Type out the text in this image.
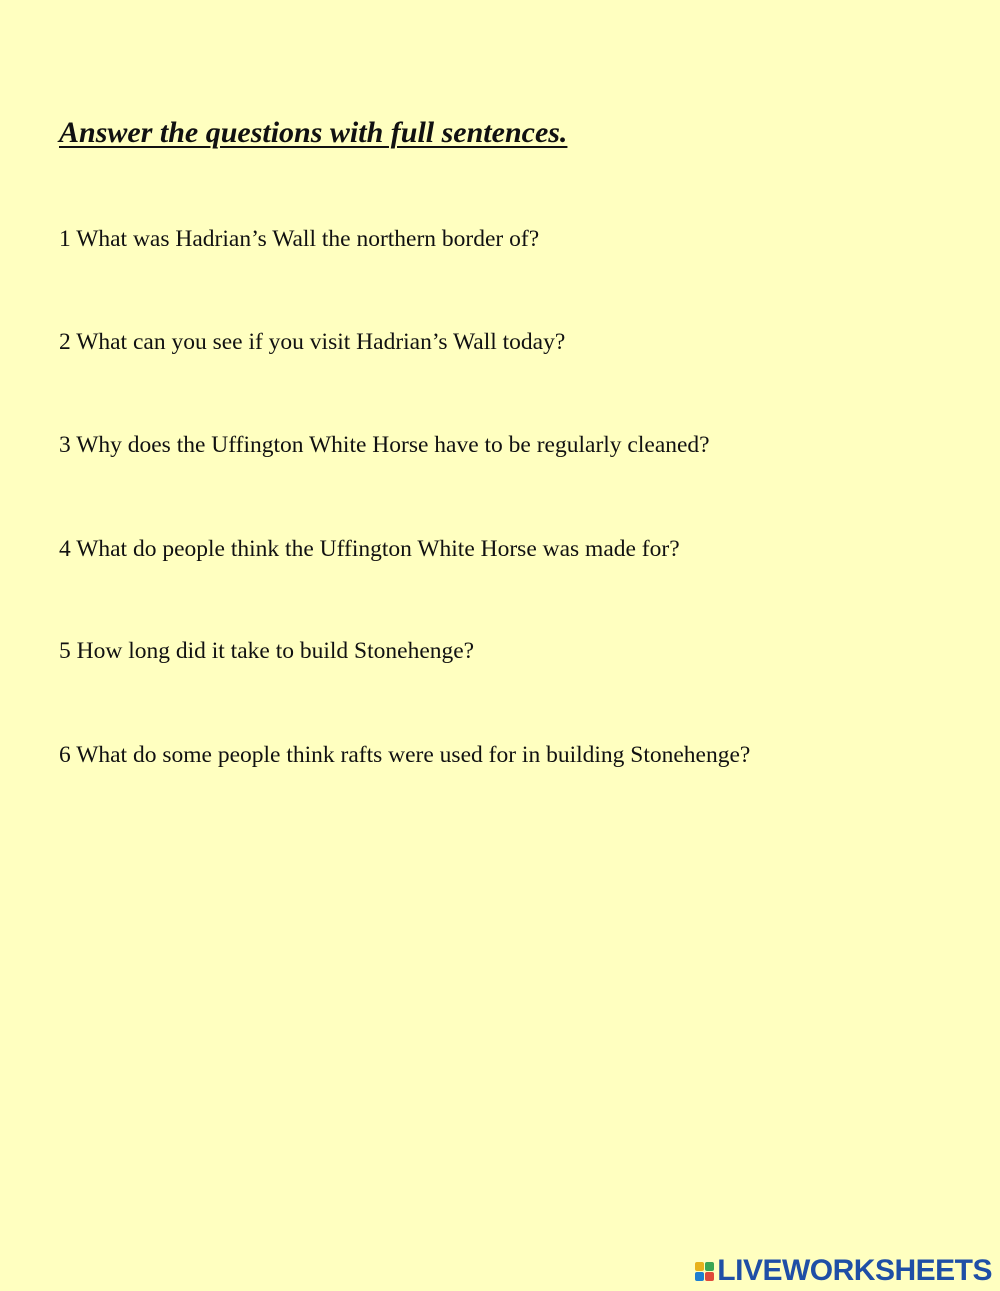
Answer the questions with full sentences.

1 What was Hadrian’s Wall the northern border of?

2 What can you see if you visit Hadrian’s Wall today?

3 Why does the Uffington White Horse have to be regularly cleaned?

4 What do people think the Uffington White Horse was made for?

5 How long did it take to build Stonehenge?

6 What do some people think rafts were used for in building Stonehenge?

LIVEWORKSHEETS
